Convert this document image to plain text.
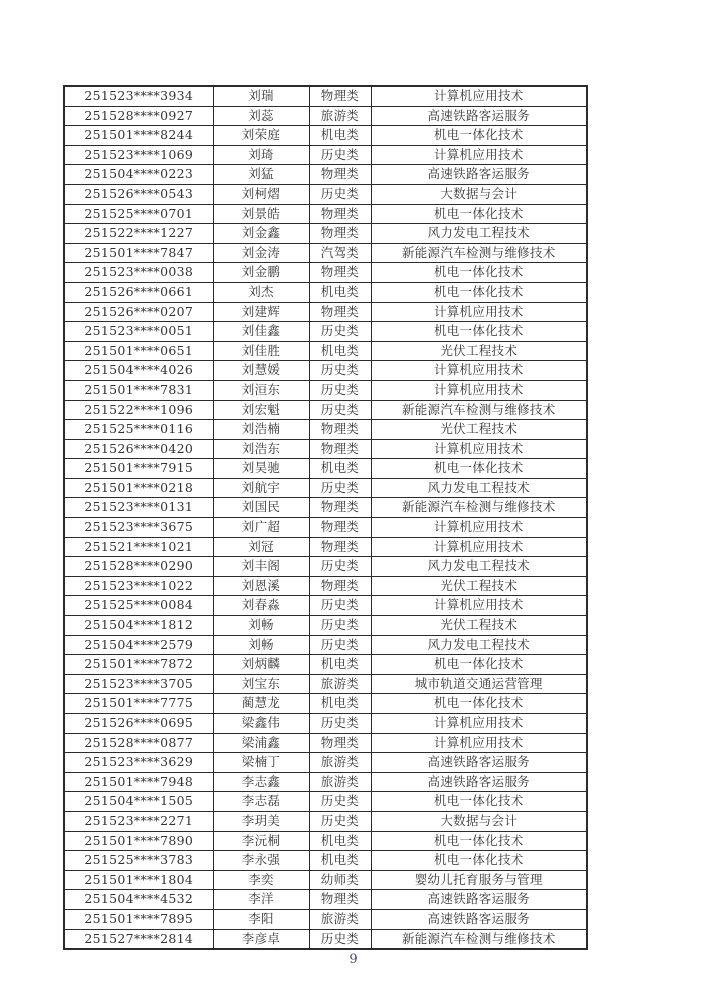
251523****3934	刘瑞	物理类	计算机应用技术
251528****0927	刘蕊	旅游类	高速铁路客运服务
251501****8244	刘荣庭	机电类	机电一体化技术
251523****1069	刘琦	历史类	计算机应用技术
251504****0223	刘猛	物理类	高速铁路客运服务
251526****0543	刘柯熠	历史类	大数据与会计
251525****0701	刘景皓	物理类	机电一体化技术
251522****1227	刘金鑫	物理类	风力发电工程技术
251501****7847	刘金涛	汽驾类	新能源汽车检测与维修技术
251523****0038	刘金鹏	物理类	机电一体化技术
251526****0661	刘杰	机电类	机电一体化技术
251526****0207	刘建辉	物理类	计算机应用技术
251523****0051	刘佳鑫	历史类	机电一体化技术
251501****0651	刘佳胜	机电类	光伏工程技术
251504****4026	刘慧媛	历史类	计算机应用技术
251501****7831	刘洹东	历史类	计算机应用技术
251522****1096	刘宏魁	历史类	新能源汽车检测与维修技术
251525****0116	刘浩楠	物理类	光伏工程技术
251526****0420	刘浩东	物理类	计算机应用技术
251501****7915	刘昊驰	机电类	机电一体化技术
251501****0218	刘航宇	历史类	风力发电工程技术
251523****0131	刘国民	物理类	新能源汽车检测与维修技术
251523****3675	刘广超	物理类	计算机应用技术
251521****1021	刘冠	物理类	计算机应用技术
251528****0290	刘丰阁	历史类	风力发电工程技术
251523****1022	刘恩溪	物理类	光伏工程技术
251525****0084	刘春淼	历史类	计算机应用技术
251504****1812	刘畅	历史类	光伏工程技术
251504****2579	刘畅	历史类	风力发电工程技术
251501****7872	刘炳麟	机电类	机电一体化技术
251523****3705	刘宝东	旅游类	城市轨道交通运营管理
251501****7775	蔺慧龙	机电类	机电一体化技术
251526****0695	梁鑫伟	历史类	计算机应用技术
251528****0877	梁浦鑫	物理类	计算机应用技术
251523****3629	梁楠丁	旅游类	高速铁路客运服务
251501****7948	李志鑫	旅游类	高速铁路客运服务
251504****1505	李志磊	历史类	机电一体化技术
251523****2271	李玥美	历史类	大数据与会计
251501****7890	李沅桐	机电类	机电一体化技术
251525****3783	李永强	机电类	机电一体化技术
251501****1804	李奕	幼师类	婴幼儿托育服务与管理
251504****4532	李洋	物理类	高速铁路客运服务
251501****7895	李阳	旅游类	高速铁路客运服务
251527****2814	李彦卓	历史类	新能源汽车检测与维修技术
9
